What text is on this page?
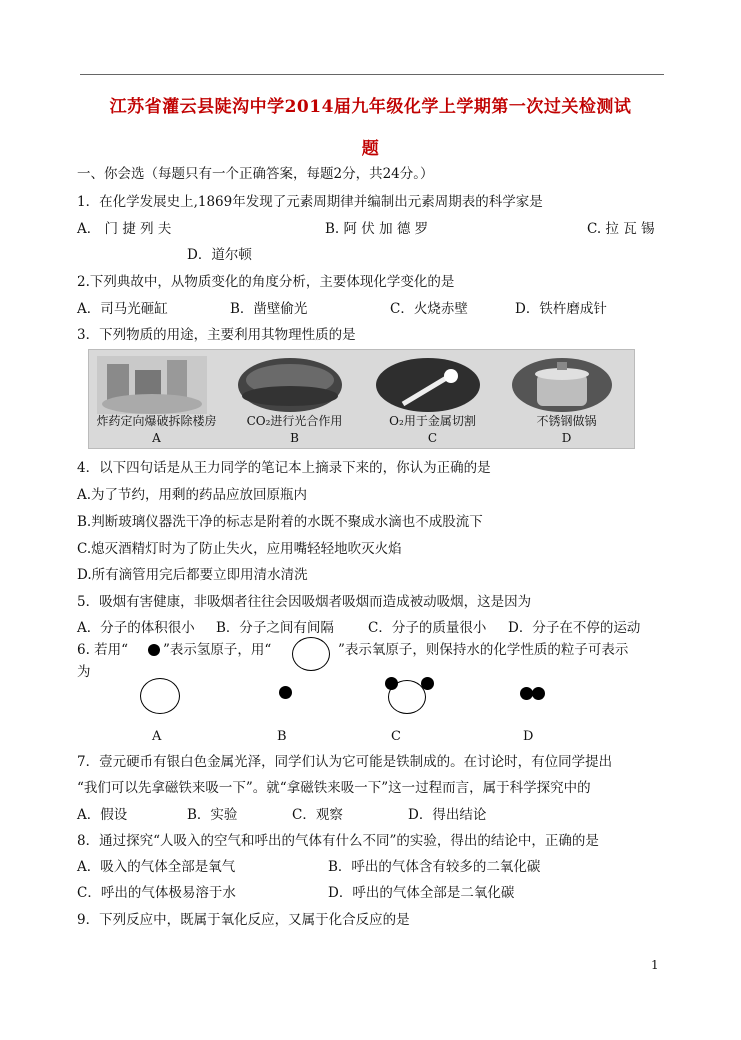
江苏省灌云县陡沟中学2014届九年级化学上学期第一次过关检测试
题
一、你会选（每题只有一个正确答案，每题2分，共24分。）
1．在化学发展史上,1869年发现了元素周期律并编制出元素周期表的科学家是
A． 门 捷 列 夫	B. 阿 伏 加 德 罗	C. 拉 瓦 锡
D．道尔顿
2.下列典故中，从物质变化的角度分析，主要体现化学变化的是
A．司马光砸缸	B．凿壁偷光	C．火烧赤壁	D．铁杵磨成针
3．下列物质的用途，主要利用其物理性质的是
炸药定向爆破拆除楼房
A
CO₂进行光合作用
B
O₂用于金属切割
C
不锈钢做锅
D
4．以下四句话是从王力同学的笔记本上摘录下来的，你认为正确的是
A.为了节约，用剩的药品应放回原瓶内
B.判断玻璃仪器洗干净的标志是附着的水既不聚成水滴也不成股流下
C.熄灭酒精灯时为了防止失火，应用嘴轻轻地吹灭火焰
D.所有滴管用完后都要立即用清水清洗
5．吸烟有害健康，非吸烟者往往会因吸烟者吸烟而造成被动吸烟，这是因为
A．分子的体积很小 B．分子之间有间隔	C．分子的质量很小 D．分子在不停的运动
6. 若用“	”表示氢原子，用“	”表示氧原子，则保持水的化学性质的粒子可表示
为
A	B	C	D
7．壹元硬币有银白色金属光泽，同学们认为它可能是铁制成的。在讨论时，有位同学提出
“我们可以先拿磁铁来吸一下”。就“拿磁铁来吸一下”这一过程而言，属于科学探究中的
A．假设	B．实验	C．观察	D．得出结论
8．通过探究“人吸入的空气和呼出的气体有什么不同”的实验，得出的结论中，正确的是
A．吸入的气体全部是氧气	B．呼出的气体含有较多的二氧化碳
C．呼出的气体极易溶于水	D．呼出的气体全部是二氧化碳
9．下列反应中，既属于氧化反应，又属于化合反应的是
1
